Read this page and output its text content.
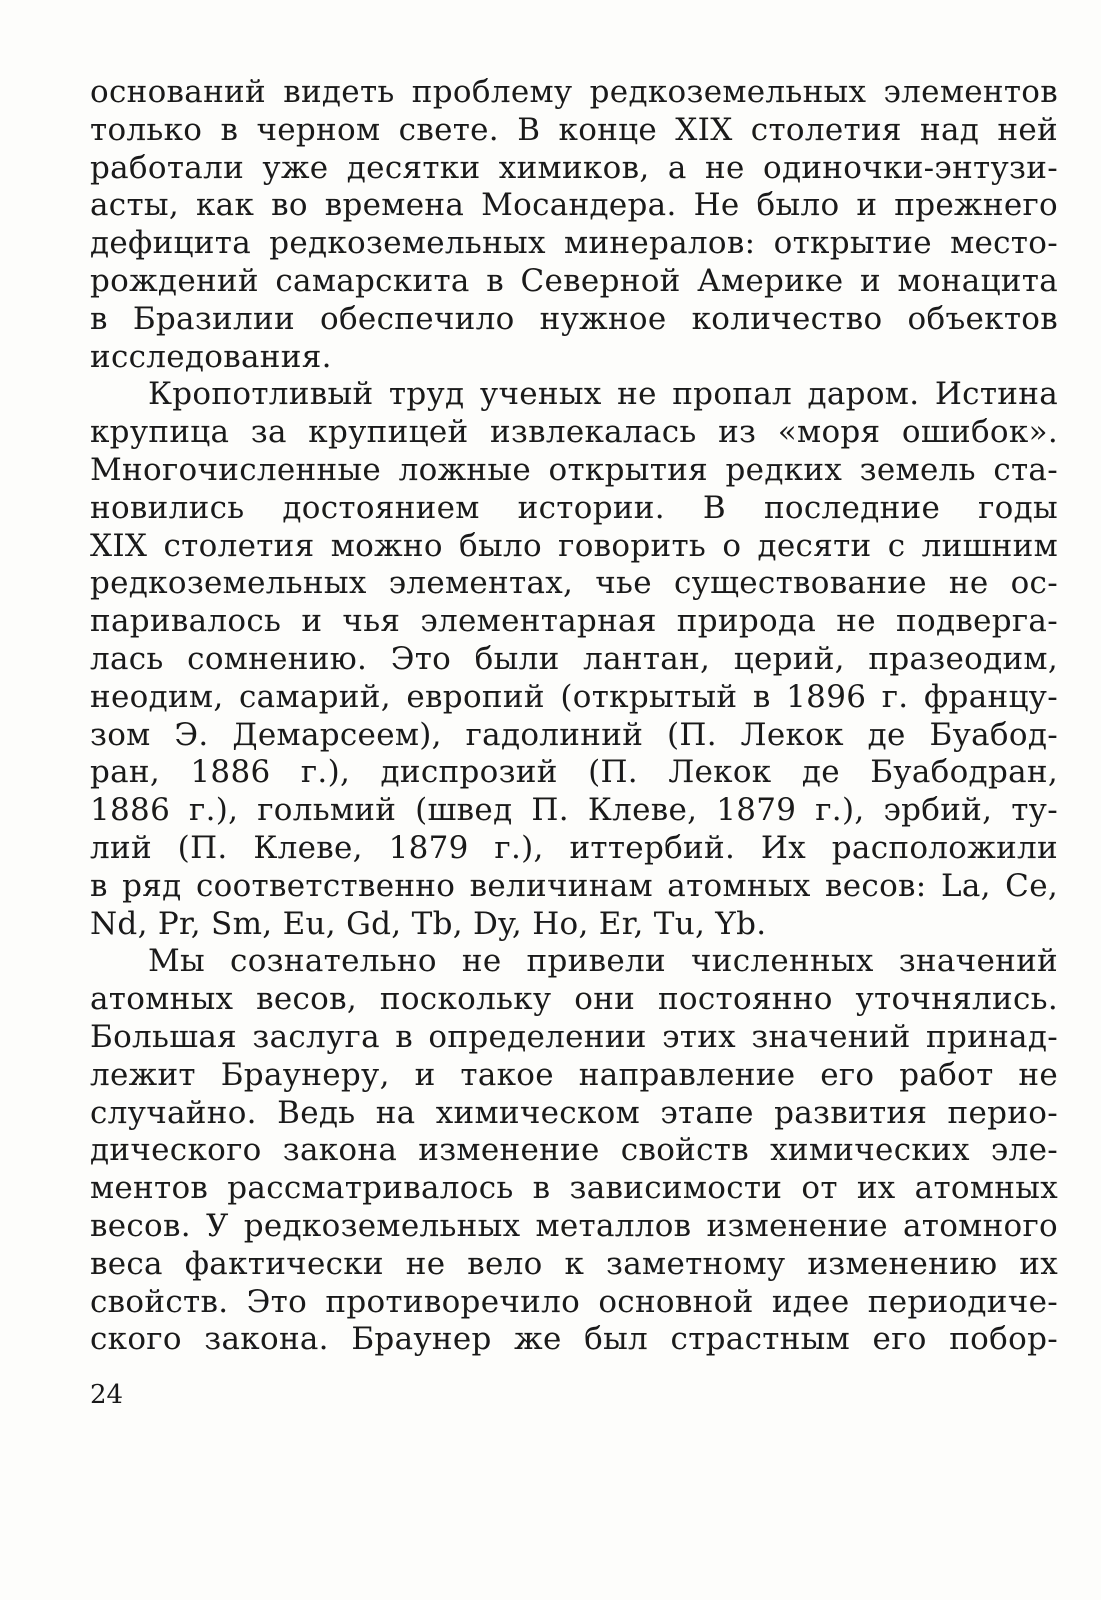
оснований видеть проблему редкоземельных элементов
только в черном свете. В конце XIX столетия над ней
работали уже десятки химиков, а не одиночки-энтузи-
асты, как во времена Мосандера. Не было и прежнего
дефицита редкоземельных минералов: открытие место-
рождений самарскита в Северной Америке и монацита
в Бразилии обеспечило нужное количество объектов
исследования.
Кропотливый труд ученых не пропал даром. Истина
крупица за крупицей извлекалась из «моря ошибок».
Многочисленные ложные открытия редких земель ста-
новились достоянием истории. В последние годы
XIX столетия можно было говорить о десяти с лишним
редкоземельных элементах, чье существование не ос-
паривалось и чья элементарная природа не подверга-
лась сомнению. Это были лантан, церий, празеодим,
неодим, самарий, европий (открытый в 1896 г. францу-
зом Э. Демарсеем), гадолиний (П. Лекок де Буабод-
ран, 1886 г.), диспрозий (П. Лекок де Буабодран,
1886 г.), гольмий (швед П. Клеве, 1879 г.), эрбий, ту-
лий (П. Клеве, 1879 г.), иттербий. Их расположили
в ряд соответственно величинам атомных весов: La, Ce,
Nd, Pr, Sm, Eu, Gd, Tb, Dy, Ho, Er, Tu, Yb.
Мы сознательно не привели численных значений
атомных весов, поскольку они постоянно уточнялись.
Большая заслуга в определении этих значений принад-
лежит Браунеру, и такое направление его работ не
случайно. Ведь на химическом этапе развития перио-
дического закона изменение свойств химических эле-
ментов рассматривалось в зависимости от их атомных
весов. У редкоземельных металлов изменение атомного
веса фактически не вело к заметному изменению их
свойств. Это противоречило основной идее периодиче-
ского закона. Браунер же был страстным его побор-
24
